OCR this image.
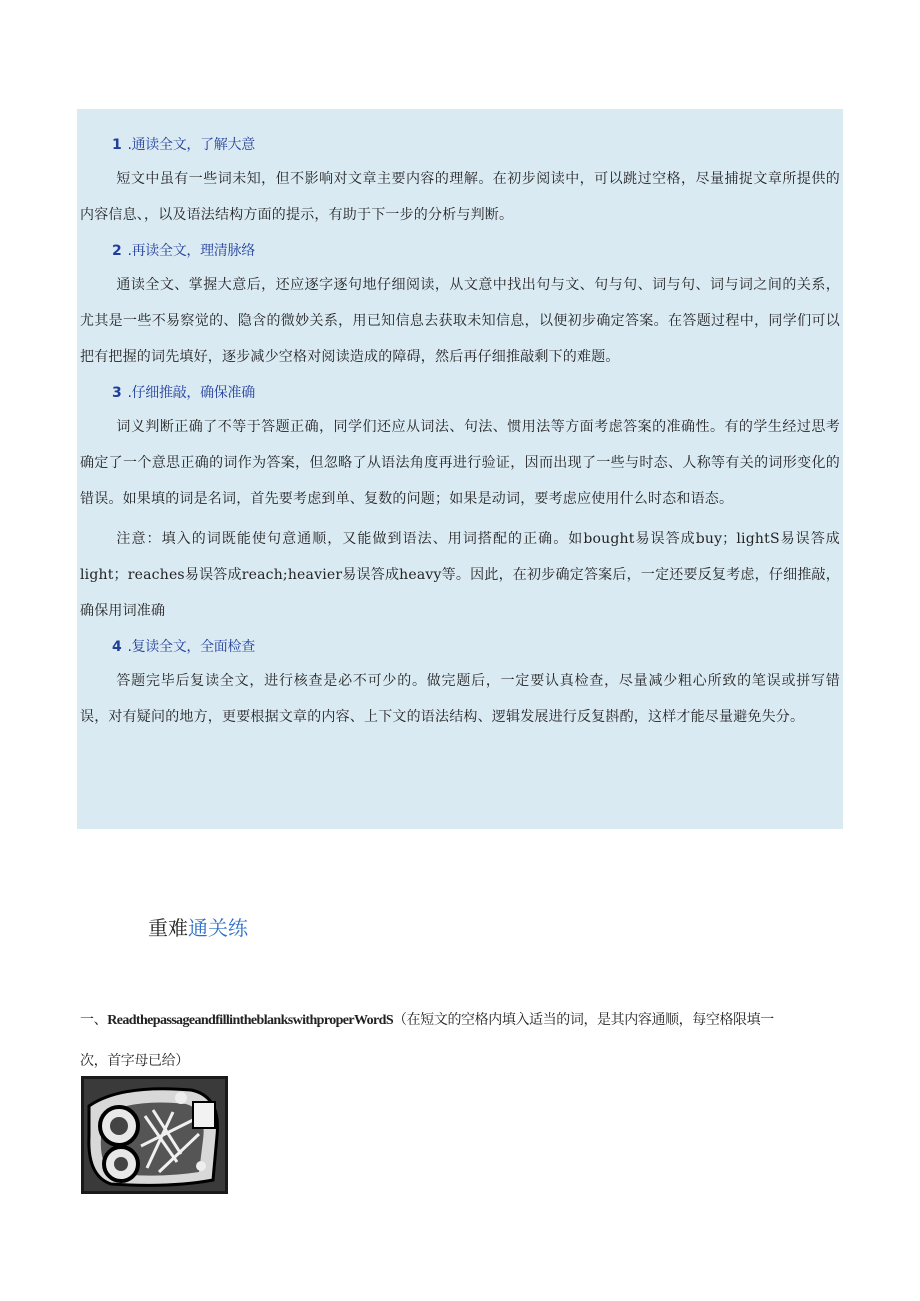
1 .通读全文，了解大意

短文中虽有一些词未知，但不影响对文章主要内容的理解。在初步阅读中，可以跳过空格，尽量捕捉文章所提供的内容信息、，以及语法结构方面的提示，有助于下一步的分析与判断。

2 .再读全文，理清脉络

通读全文、掌握大意后，还应逐字逐句地仔细阅读，从文意中找出句与文、句与句、词与句、词与词之间的关系，尤其是一些不易察觉的、隐含的微妙关系，用已知信息去获取未知信息，以便初步确定答案。在答题过程中，同学们可以把有把握的词先填好，逐步减少空格对阅读造成的障碍，然后再仔细推敲剩下的难题。

3 .仔细推敲，确保准确

词义判断正确了不等于答题正确，同学们还应从词法、句法、惯用法等方面考虑答案的准确性。有的学生经过思考确定了一个意思正确的词作为答案，但忽略了从语法角度再进行验证，因而出现了一些与时态、人称等有关的词形变化的错误。如果填的词是名词，首先要考虑到单、复数的问题；如果是动词，要考虑应使用什么时态和语态。

注意：填入的词既能使句意通顺，又能做到语法、用词搭配的正确。如bought易误答成buy；lightS易误答成light；reaches易误答成reach;heavier易误答成heavy等。因此，在初步确定答案后，一定还要反复考虑，仔细推敲，确保用词准确

4 .复读全文，全面检查

答题完毕后复读全文，进行核查是必不可少的。做完题后，一定要认真检查，尽量减少粗心所致的笔误或拼写错误，对有疑问的地方，更要根据文章的内容、上下文的语法结构、逻辑发展进行反复斟酌，这样才能尽量避免失分。

重难通关练
一、ReadthepassageandfillintheblankswithproperWordS（在短文的空格内填入适当的词，是其内容通顺，每空格限填一次，首字母已给）
